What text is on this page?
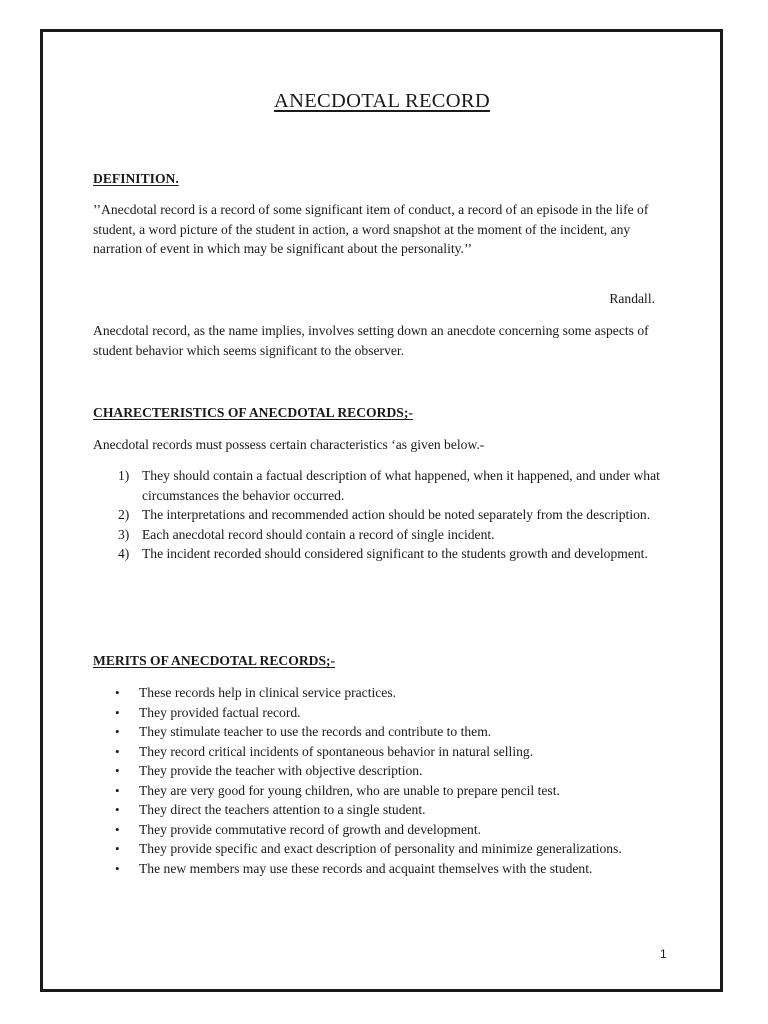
ANECDOTAL RECORD
DEFINITION.

’’Anecdotal record is a record of some significant item of conduct, a record of an episode in the life of student, a word picture of the student in action, a word snapshot at the moment of the incident, any narration of event in which may be significant about the personality.’’

Randall.

Anecdotal record, as the name implies, involves setting down an anecdote concerning some aspects of student behavior which seems significant to the observer.

CHARECTERISTICS OF ANECDOTAL RECORDS;-

Anecdotal records must possess certain characteristics ‘as given below.-

1) They should contain a factual description of what happened, when it happened, and under what circumstances the behavior occurred.
2) The interpretations and recommended action should be noted separately from the description.
3) Each anecdotal record should contain a record of single incident.
4) The incident recorded should considered significant to the students growth and development.
MERITS OF ANECDOTAL RECORDS;-
• These records help in clinical service practices.
• They provided factual record.
• They stimulate teacher to use the records and contribute to them.
• They record critical incidents of spontaneous behavior in natural selling.
• They provide the teacher with objective description.
• They are very good for young children, who are unable to prepare pencil test.
• They direct the teachers attention to a single student.
• They provide commutative record of growth and development.
• They provide specific and exact description of personality and minimize generalizations.
• The new members may use these records and acquaint themselves with the student.
1
